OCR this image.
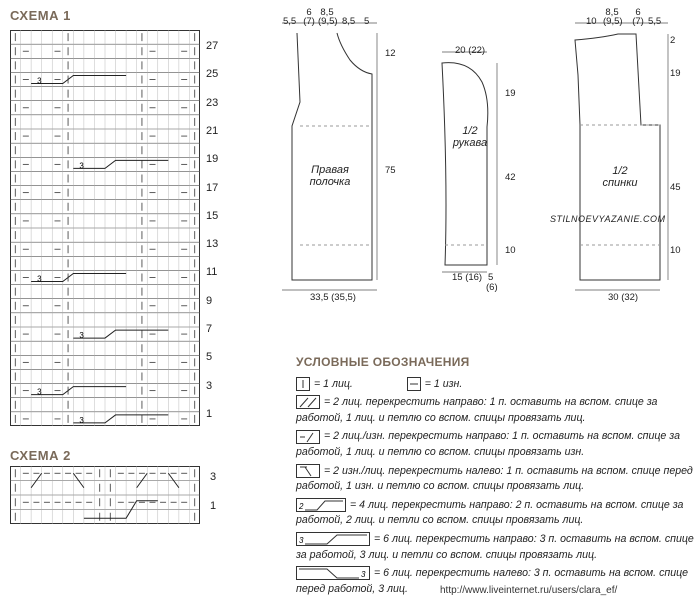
СХЕМА 1
3
3
3
3
3
3
27
25
23
21
19
17
15
13
11
9
7
5
3
1
СХЕМА 2
3
1
5,5
6 (7)
8,5 (9,5) 8,5 5
12
75
33,5 (35,5)
Правая
полочка
20 (22)
19
42
10
15 (16) 5
(6)
1/2
рукава
10
8,5 (9,5)
6 (7) 5,5
2
19
45
10
30 (32)
1/2
спинки
STILNOEVYAZANIE.COM
УСЛОВНЫЕ ОБОЗНАЧЕНИЯ
= 1 лиц.	= 1 изн.
= 2 лиц. перекрестить направо: 1 п. оставить на вспом. спице за работой, 1 лиц. и петлю со вспом. спицы провязать лиц.
= 2 лиц./изн. перекрестить направо: 1 п. оставить на вспом. спице за работой, 1 лиц. и петлю со вспом. спицы провязать изн.
= 2 изн./лиц. перекрестить налево: 1 п. оставить на вспом. спице перед работой, 1 изн. и петлю со вспом. спицы провязать лиц.
2	= 4 лиц. перекрестить направо: 2 п. оставить на вспом. спице за работой, 2 лиц. и петли со вспом. спицы провязать лиц.
3	= 6 лиц. перекрестить направо: 3 п. оставить на вспом. спице за работой, 3 лиц. и петли со вспом. спицы провязать лиц.
3 = 6 лиц. перекрестить налево: 3 п. оставить на вспом. спице перед работой, 3 лиц.	http://www.liveinternet.ru/users/clara_ef/
